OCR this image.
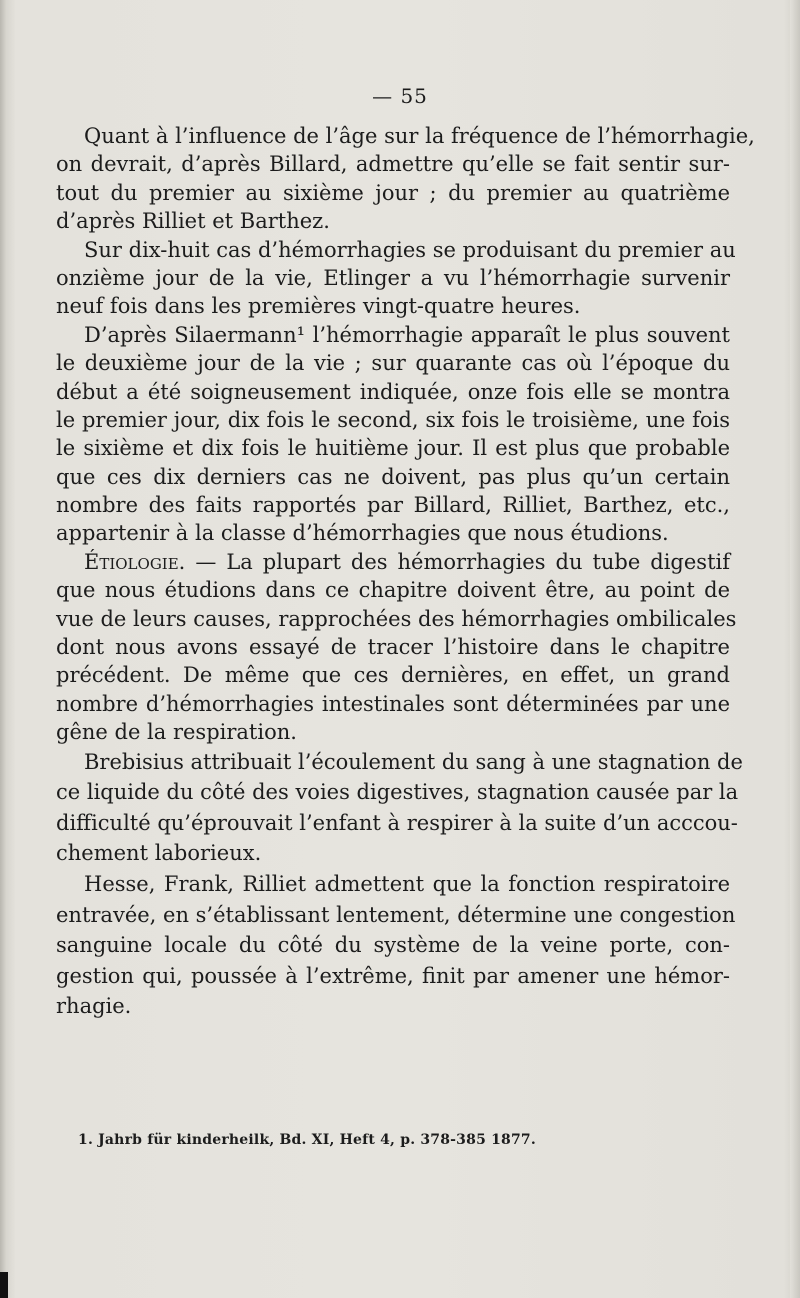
— 55
Quant à l’influence de l’âge sur la fréquence de l’hémorrhagie,
on devrait, d’après Billard, admettre qu’elle se fait sentir sur-
tout du premier au sixième jour ; du premier au quatrième
d’après Rilliet et Barthez.
Sur dix-huit cas d’hémorrhagies se produisant du premier au
onzième jour de la vie, Etlinger a vu l’hémorrhagie survenir
neuf fois dans les premières vingt-quatre heures.
D’après Silaermann¹ l’hémorrhagie apparaît le plus souvent
le deuxième jour de la vie ; sur quarante cas où l’époque du
début a été soigneusement indiquée, onze fois elle se montra
le premier jour, dix fois le second, six fois le troisième, une fois
le sixième et dix fois le huitième jour. Il est plus que probable
que ces dix derniers cas ne doivent, pas plus qu’un certain
nombre des faits rapportés par Billard, Rilliet, Barthez, etc.,
appartenir à la classe d’hémorrhagies que nous étudions.
Étiologie. — La plupart des hémorrhagies du tube digestif
que nous étudions dans ce chapitre doivent être, au point de
vue de leurs causes, rapprochées des hémorrhagies ombilicales
dont nous avons essayé de tracer l’histoire dans le chapitre
précédent. De même que ces dernières, en effet, un grand
nombre d’hémorrhagies intestinales sont déterminées par une
gêne de la respiration.
Brebisius attribuait l’écoulement du sang à une stagnation de
ce liquide du côté des voies digestives, stagnation causée par la
difficulté qu’éprouvait l’enfant à respirer à la suite d’un acccou-
chement laborieux.
Hesse, Frank, Rilliet admettent que la fonction respiratoire
entravée, en s’établissant lentement, détermine une congestion
sanguine locale du côté du système de la veine porte, con-
gestion qui, poussée à l’extrême, finit par amener une hémor-
rhagie.
1. Jahrb für kinderheilk, Bd. XI, Heft 4, p. 378-385 1877.
